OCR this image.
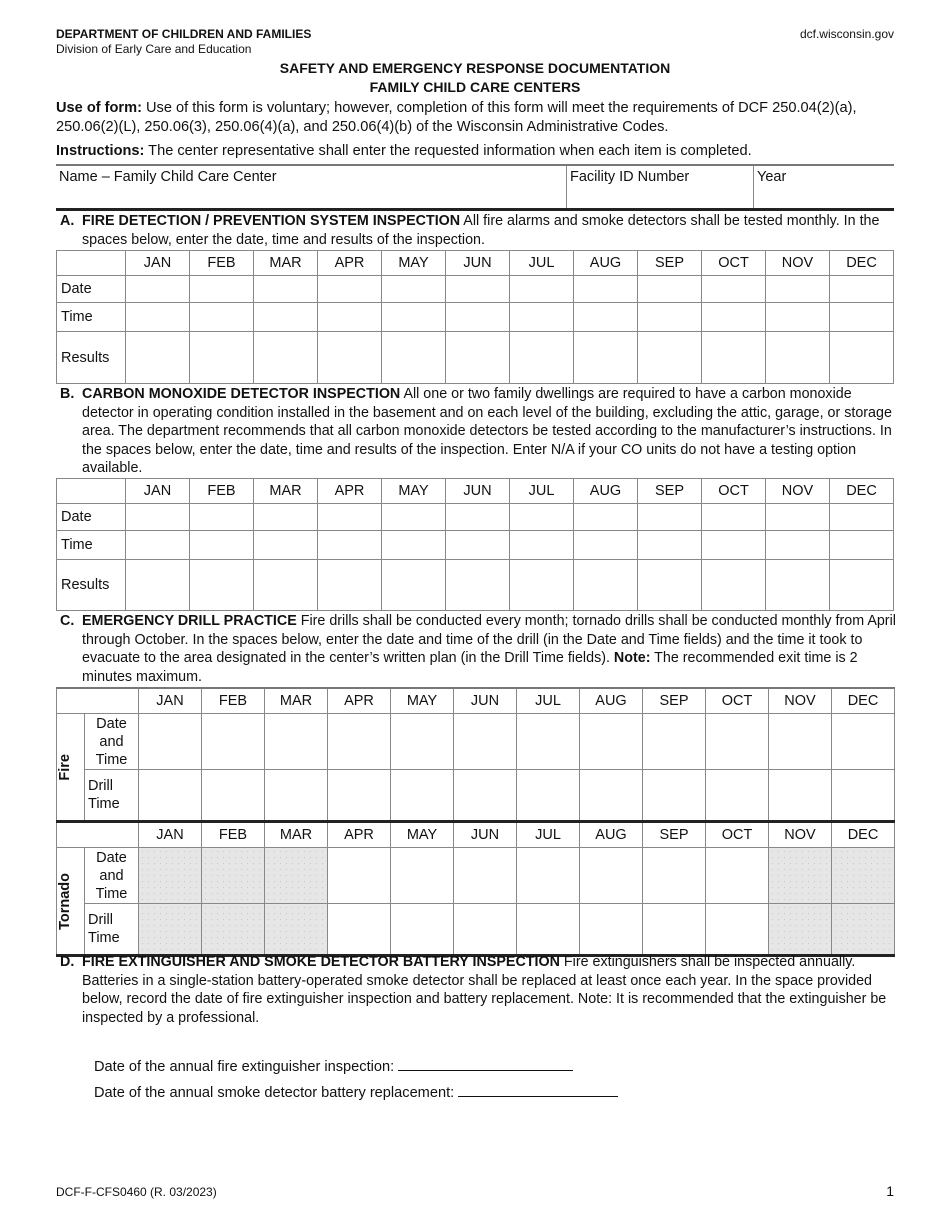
DEPARTMENT OF CHILDREN AND FAMILIES
Division of Early Care and Education
dcf.wisconsin.gov
SAFETY AND EMERGENCY RESPONSE DOCUMENTATION
FAMILY CHILD CARE CENTERS
Use of form: Use of this form is voluntary; however, completion of this form will meet the requirements of DCF 250.04(2)(a), 250.06(2)(L), 250.06(3), 250.06(4)(a), and 250.06(4)(b) of the Wisconsin Administrative Codes.
Instructions: The center representative shall enter the requested information when each item is completed.
Name – Family Child Care Center	Facility ID Number	Year
A. FIRE DETECTION / PREVENTION SYSTEM INSPECTION All fire alarms and smoke detectors shall be tested monthly. In the spaces below, enter the date, time and results of the inspection.
	JAN	FEB	MAR	APR	MAY	JUN	JUL	AUG	SEP	OCT	NOV	DEC
Date												
Time												
Results												
B. CARBON MONOXIDE DETECTOR INSPECTION All one or two family dwellings are required to have a carbon monoxide detector in operating condition installed in the basement and on each level of the building, excluding the attic, garage, or storage area. The department recommends that all carbon monoxide detectors be tested according to the manufacturer’s instructions. In the spaces below, enter the date, time and results of the inspection. Enter N/A if your CO units do not have a testing option available.
	JAN	FEB	MAR	APR	MAY	JUN	JUL	AUG	SEP	OCT	NOV	DEC
Date												
Time												
Results												
C. EMERGENCY DRILL PRACTICE Fire drills shall be conducted every month; tornado drills shall be conducted monthly from April through October. In the spaces below, enter the date and time of the drill (in the Date and Time fields) and the time it took to evacuate to the area designated in the center’s written plan (in the Drill Time fields). Note: The recommended exit time is 2 minutes maximum.
		JAN	FEB	MAR	APR	MAY	JUN	JUL	AUG	SEP	OCT	NOV	DEC

Fire	Date and Time												
	Drill Time												
		JAN	FEB	MAR	APR	MAY	JUN	JUL	AUG	SEP	OCT	NOV	DEC

Tornado	Date and Time												
	Drill Time												
D. FIRE EXTINGUISHER AND SMOKE DETECTOR BATTERY INSPECTION Fire extinguishers shall be inspected annually. Batteries in a single-station battery-operated smoke detector shall be replaced at least once each year. In the space provided below, record the date of fire extinguisher inspection and battery replacement. Note: It is recommended that the extinguisher be inspected by a professional.
Date of the annual fire extinguisher inspection:
Date of the annual smoke detector battery replacement:
DCF-F-CFS0460 (R. 03/2023)	1
